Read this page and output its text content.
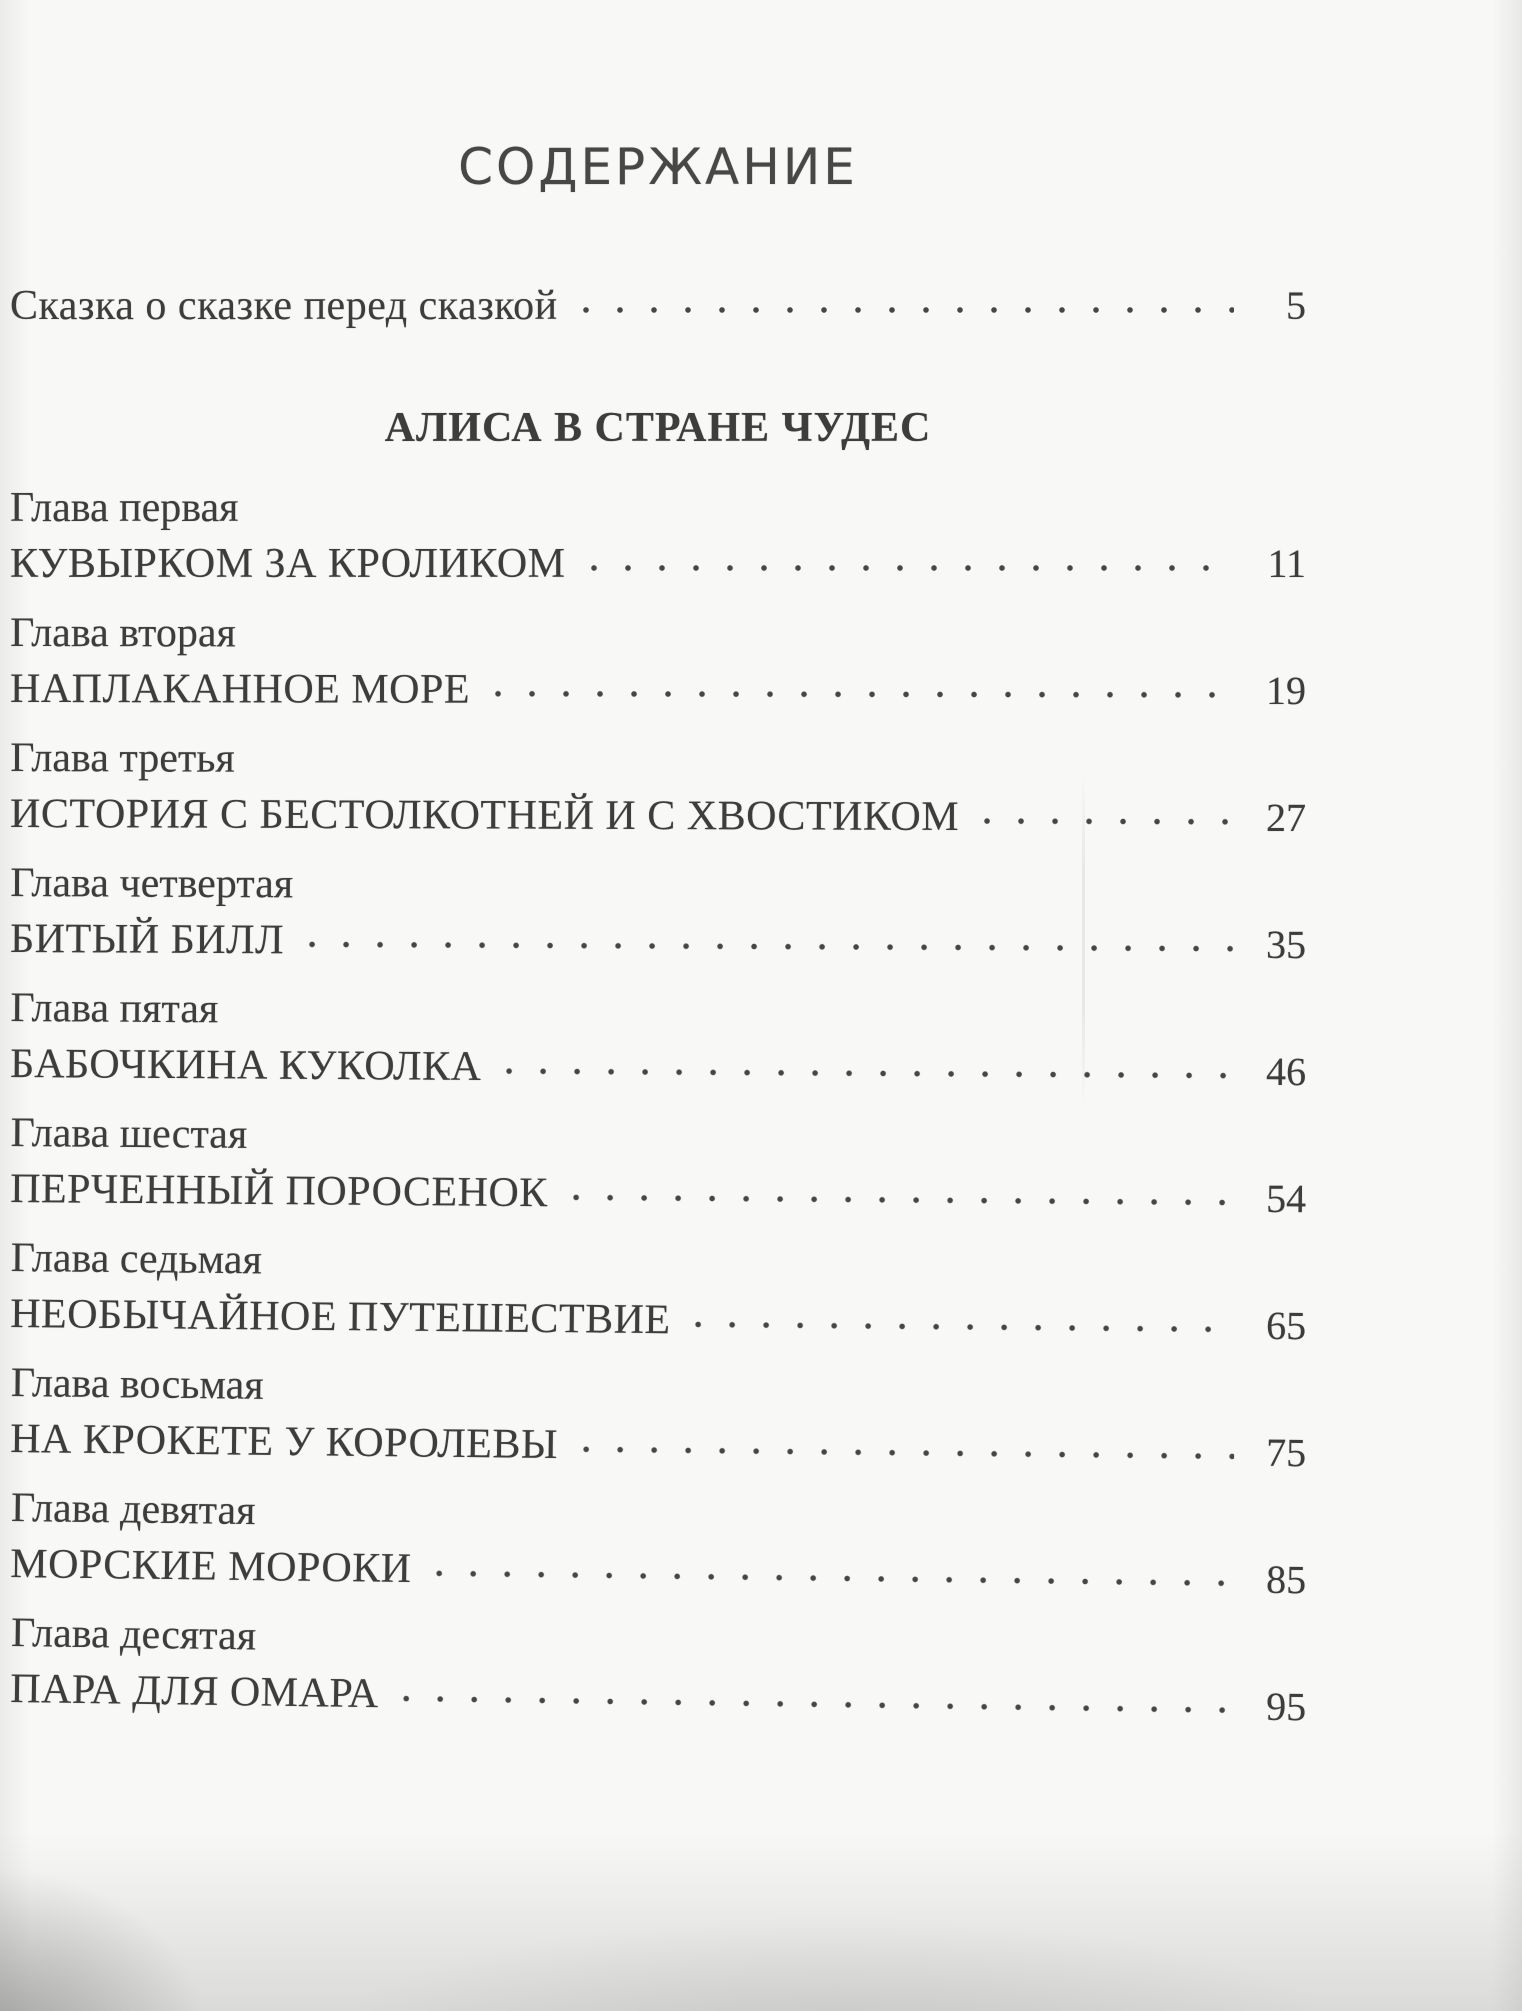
СОДЕРЖАНИЕ
Сказка о сказке перед сказкой	5
АЛИСА В СТРАНЕ ЧУДЕС
Глава первая
КУВЫРКОМ ЗА КРОЛИКОМ	11
Глава вторая
НАПЛАКАННОЕ МОРЕ	19
Глава третья
ИСТОРИЯ С БЕСТОЛКОТНЕЙ И С ХВОСТИКОМ	27
Глава четвертая
БИТЫЙ БИЛЛ	35
Глава пятая
БАБОЧКИНА КУКОЛКА	46
Глава шестая
ПЕРЧЕННЫЙ ПОРОСЕНОК	54
Глава седьмая
НЕОБЫЧАЙНОЕ ПУТЕШЕСТВИЕ	65
Глава восьмая
НА КРОКЕТЕ У КОРОЛЕВЫ	75
Глава девятая
МОРСКИЕ МОРОКИ	85
Глава десятая
ПАРА ДЛЯ ОМАРА	95
